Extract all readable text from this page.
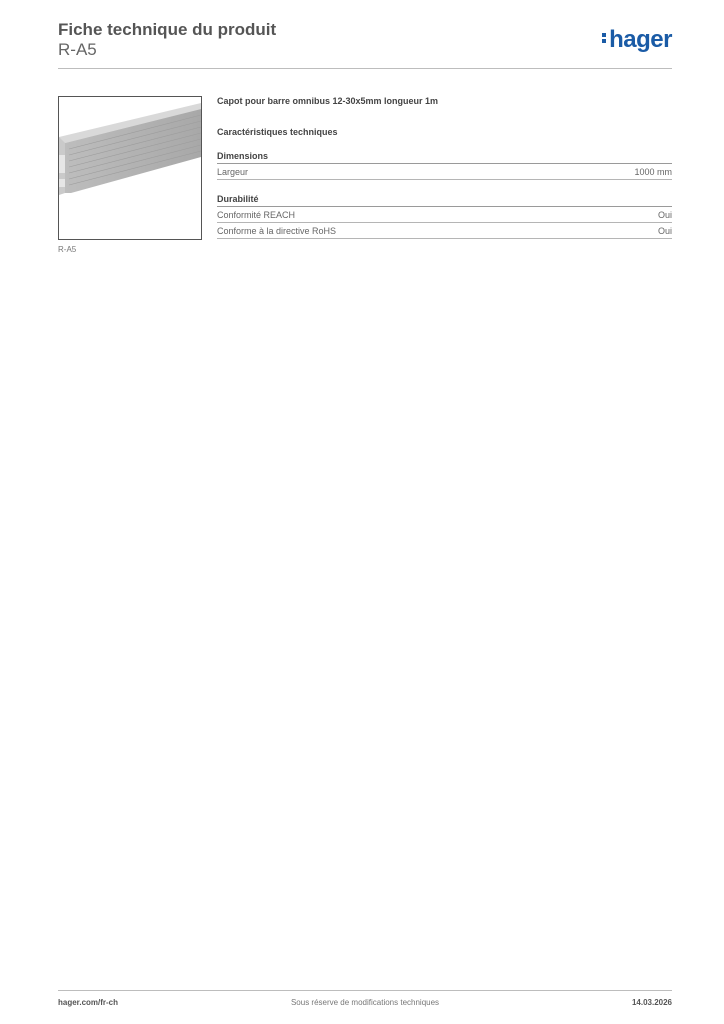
Fiche technique du produit
R-A5	hager
R-A5
Capot pour barre omnibus 12-30x5mm longueur 1m
Caractéristiques techniques
Dimensions
Largeur	1000 mm
Durabilité
Conformité REACH	Oui
Conforme à la directive RoHS	Oui
hager.com/fr-ch	Sous réserve de modifications techniques	14.03.2026
